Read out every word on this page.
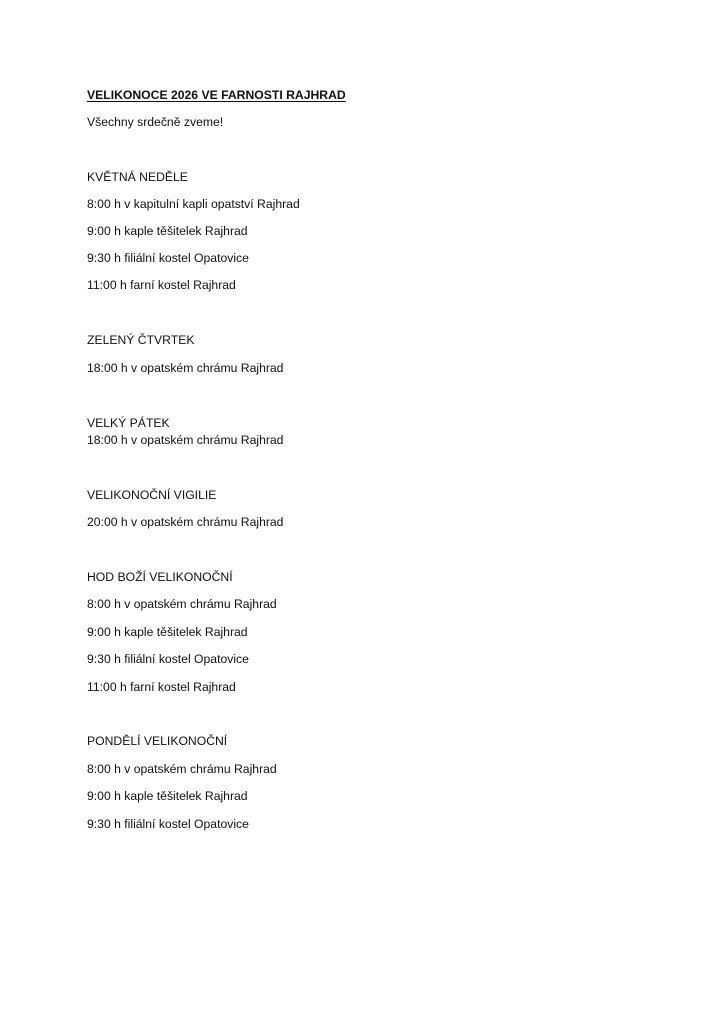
VELIKONOCE 2026 VE FARNOSTI RAJHRAD
Všechny srdečně zveme!
KVĚTNÁ NEDĚLE
8:00 h v kapitulní kapli opatství Rajhrad
9:00 h kaple těšitelek Rajhrad
9:30 h filiální kostel Opatovice
11:00 h farní kostel Rajhrad
ZELENÝ ČTVRTEK
18:00 h v opatském chrámu Rajhrad
VELKÝ PÁTEK
18:00 h v opatském chrámu Rajhrad
VELIKONOČNÍ VIGILIE
20:00 h v opatském chrámu Rajhrad
HOD BOŽÍ VELIKONOČNÍ
8:00 h v opatském chrámu Rajhrad
9:00 h kaple těšitelek Rajhrad
9:30 h filiální kostel Opatovice
11:00 h farní kostel Rajhrad
PONDĚLÍ VELIKONOČNÍ
8:00 h v opatském chrámu Rajhrad
9:00 h kaple těšitelek Rajhrad
9:30 h filiální kostel Opatovice
